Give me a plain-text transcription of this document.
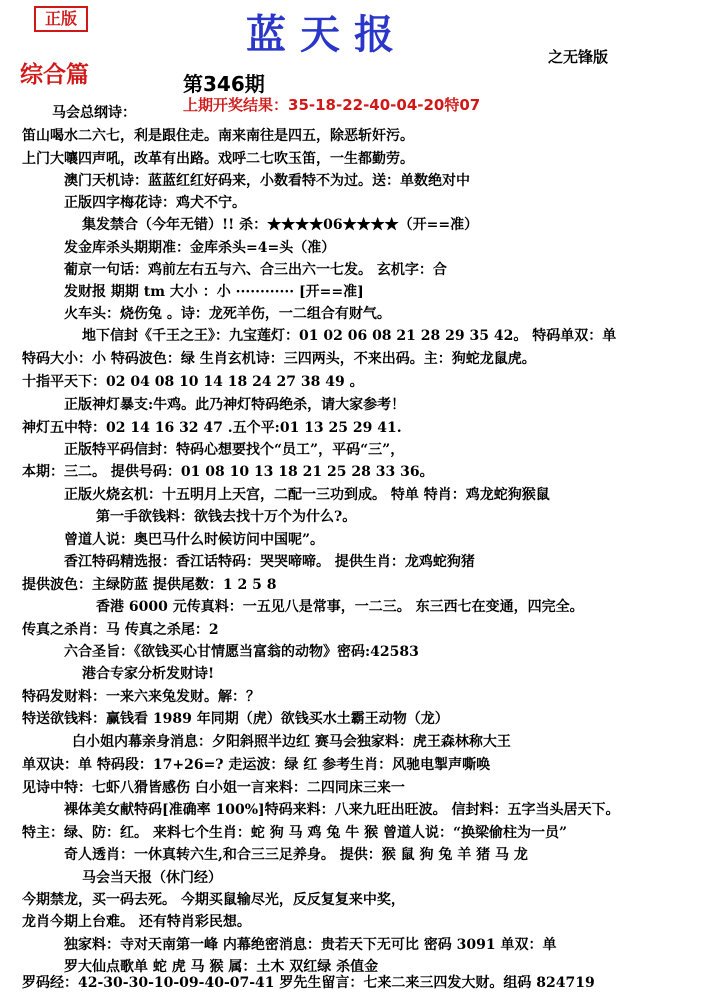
正版	蓝天报	之无锋版
综合篇	第346期
上期开奖结果：35-18-22-40-04-20特07
马会总纲诗：
笛山喝水二六七，利是跟住走。南来南往是四五，除恶斩奸污。
上门大嚷四声吼，改革有出路。戏呼二七吹玉笛，一生都勤劳。
澳门天机诗：蓝蓝红红好码来，小数看特不为过。送：单数绝对中
正版四字梅花诗：鸡犬不宁。
集发禁合（今年无错）!! 杀：★★★★06★★★★（开==准）
发金库杀头期期准：金库杀头=4=头（准）
葡京一句话：鸡前左右五与六、合三出六一七发。 玄机字：合
发财报 期期 tm 大小 ：小 ············ [开==准]
火车头：烧伤兔 。诗：龙死羊伤，一二组合有财气。
地下信封《千王之王》：九宝莲灯：01 02 06 08 21 28 29 35 42。 特码单双：单
特码大小：小 特码波色：绿 生肖玄机诗：三四两头，不来出码。主：狗蛇龙鼠虎。
十指平天下：02 04 08 10 14 18 24 27 38 49 。
正版神灯暴支:牛鸡。此乃神灯特码绝杀，请大家参考！
神灯五中特：02 14 16 32 47 .五个平:01 13 25 29 41.
正版特平码信封：特码心想要找个“员工”，平码“三”，
本期：三二。 提供号码：01 08 10 13 18 21 25 28 33 36。
正版火烧玄机：十五明月上天宫，二配一三功到成。 特单 特肖：鸡龙蛇狗猴鼠
第一手欲钱料：欲钱去找十万个为什么?。
曾道人说：奥巴马什么时候访问中国呢”。
香江特码精选报：香江话特码：哭哭啼啼。 提供生肖：龙鸡蛇狗猪
提供波色：主绿防蓝 提供尾数：1 2 5 8
香港 6000 元传真料：一五见八是常事，一二三。 东三西七在变通，四完全。
传真之杀肖：马 传真之杀尾：2
六合圣旨：《欲钱买心甘情愿当富翁的动物》密码:42583
港合专家分析发财诗!
特码发财料：一来六来兔发财。解：？
特送欲钱料：赢钱看 1989 年同期（虎）欲钱买水土霸王动物（龙）
白小姐内幕亲身消息：夕阳斜照半边红 赛马会独家料：虎王森林称大王
单双诀：单 特码段：17+26=? 走运波：绿 红 参考生肖：风驰电掣声嘶唤
见诗中特：七虾八猾皆感伤 白小姐一言来料：二四同床三来一
裸体美女献特码[准确率 100%]特码来料：八来九旺出旺波。 信封料：五字当头居天下。
特主：绿、防：红。 来料七个生肖：蛇 狗 马 鸡 兔 牛 猴 曾道人说：“换梁偷柱为一员”
奇人透肖：一休真转六生,和合三三足养身。 提供：猴 鼠 狗 兔 羊 猪 马 龙
马会当天报（休门经）
今期禁龙，买一码去死。 今期买鼠输尽光，反反复复来中奖，
龙肖今期上台难。 还有特肖彩民想。
独家料：寺对天南第一峰 内幕绝密消息：贵若天下无可比 密码 3091 单双：单
罗大仙点歌单 蛇 虎 马 猴 属：土木 双红绿 杀值金
罗码经：42-30-30-10-09-40-07-41 罗先生留言：七来二来三四发大财。组码 824719
